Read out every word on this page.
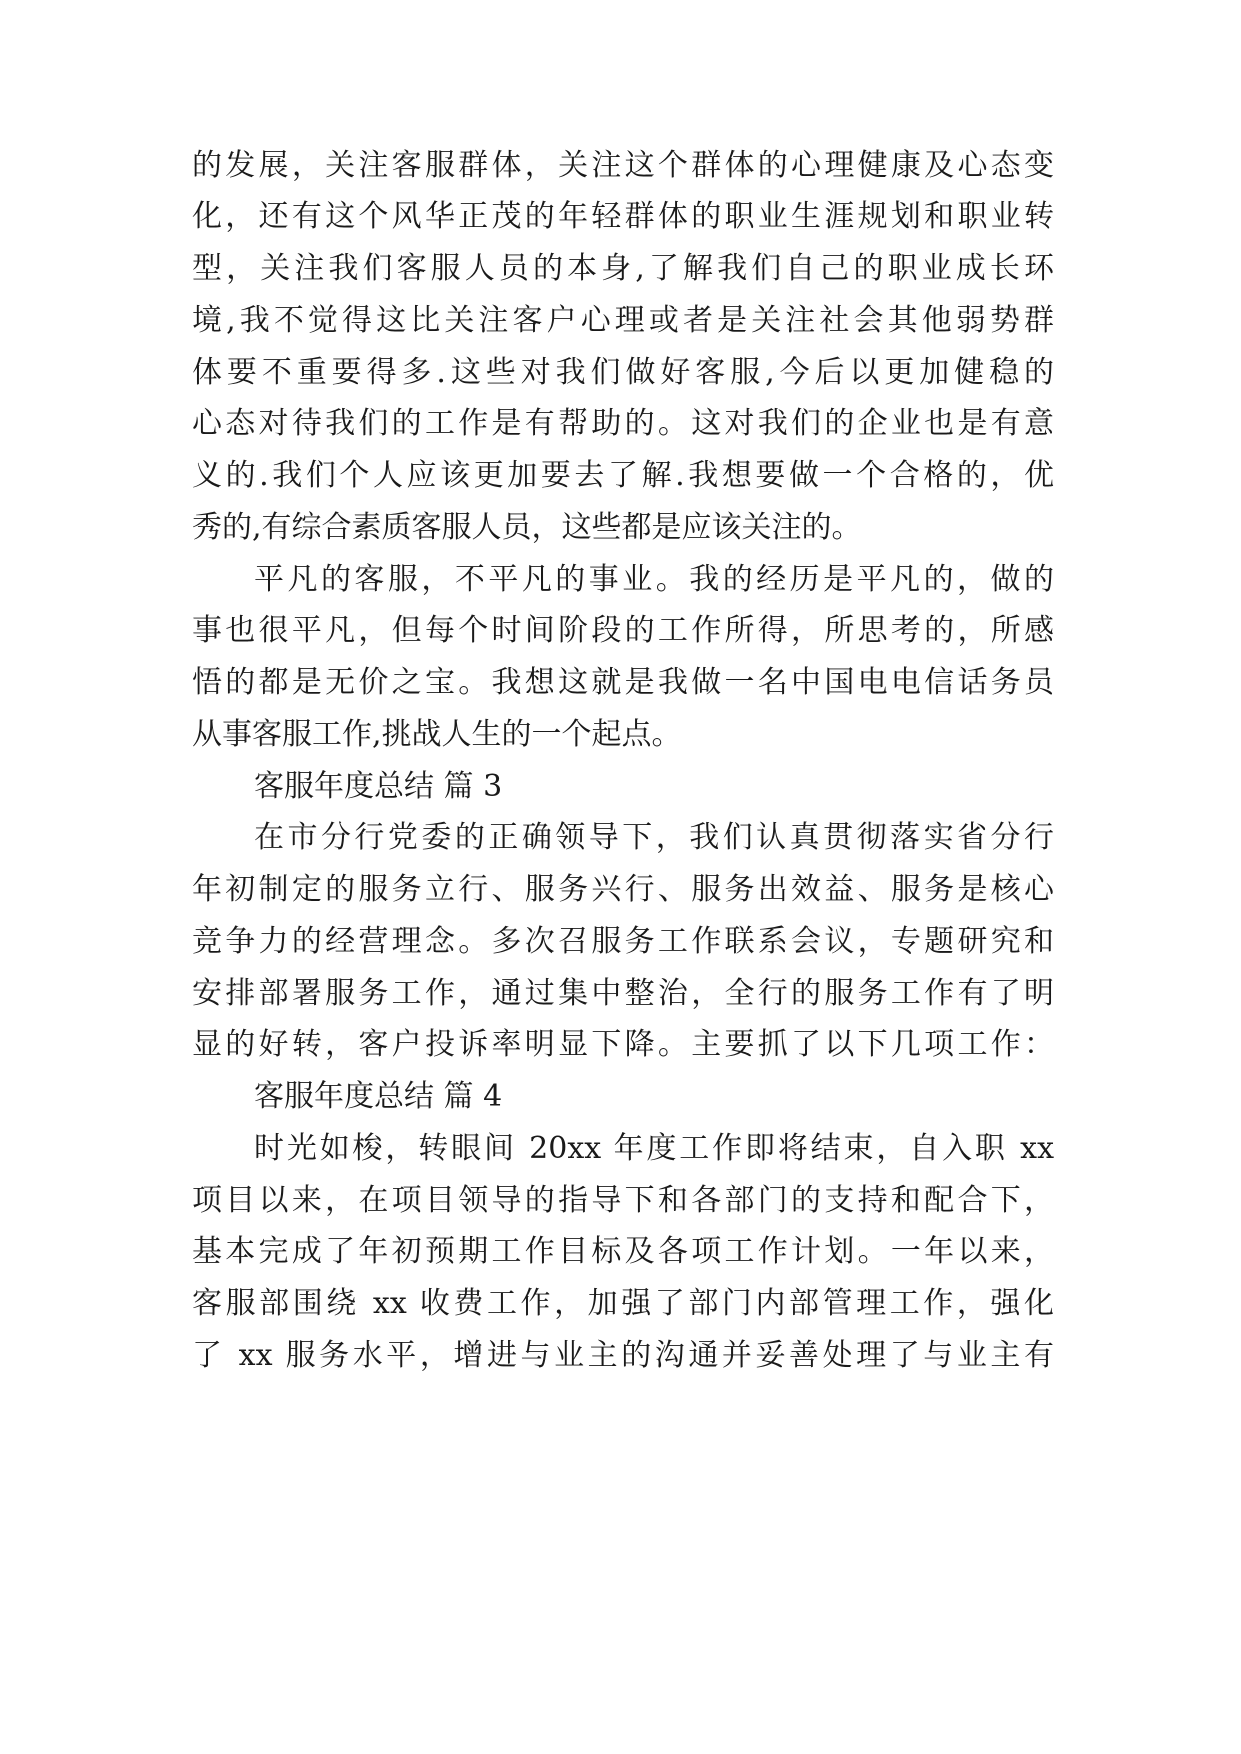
的发展，关注客服群体，关注这个群体的心理健康及心态变
化，还有这个风华正茂的年轻群体的职业生涯规划和职业转
型，关注我们客服人员的本身,了解我们自己的职业成长环
境,我不觉得这比关注客户心理或者是关注社会其他弱势群
体要不重要得多.这些对我们做好客服,今后以更加健稳的
心态对待我们的工作是有帮助的。这对我们的企业也是有意
义的.我们个人应该更加要去了解.我想要做一个合格的，优
秀的,有综合素质客服人员，这些都是应该关注的。
平凡的客服，不平凡的事业。我的经历是平凡的，做的
事也很平凡，但每个时间阶段的工作所得，所思考的，所感
悟的都是无价之宝。我想这就是我做一名中国电电信话务员
从事客服工作,挑战人生的一个起点。
客服年度总结 篇 3
在市分行党委的正确领导下，我们认真贯彻落实省分行
年初制定的服务立行、服务兴行、服务出效益、服务是核心
竞争力的经营理念。多次召服务工作联系会议，专题研究和
安排部署服务工作，通过集中整治，全行的服务工作有了明
显的好转，客户投诉率明显下降。主要抓了以下几项工作：
客服年度总结 篇 4
时光如梭，转眼间 20xx 年度工作即将结束，自入职 xx
项目以来，在项目领导的指导下和各部门的支持和配合下，
基本完成了年初预期工作目标及各项工作计划。一年以来，
客服部围绕 xx 收费工作，加强了部门内部管理工作，强化
了 xx 服务水平，增进与业主的沟通并妥善处理了与业主有
